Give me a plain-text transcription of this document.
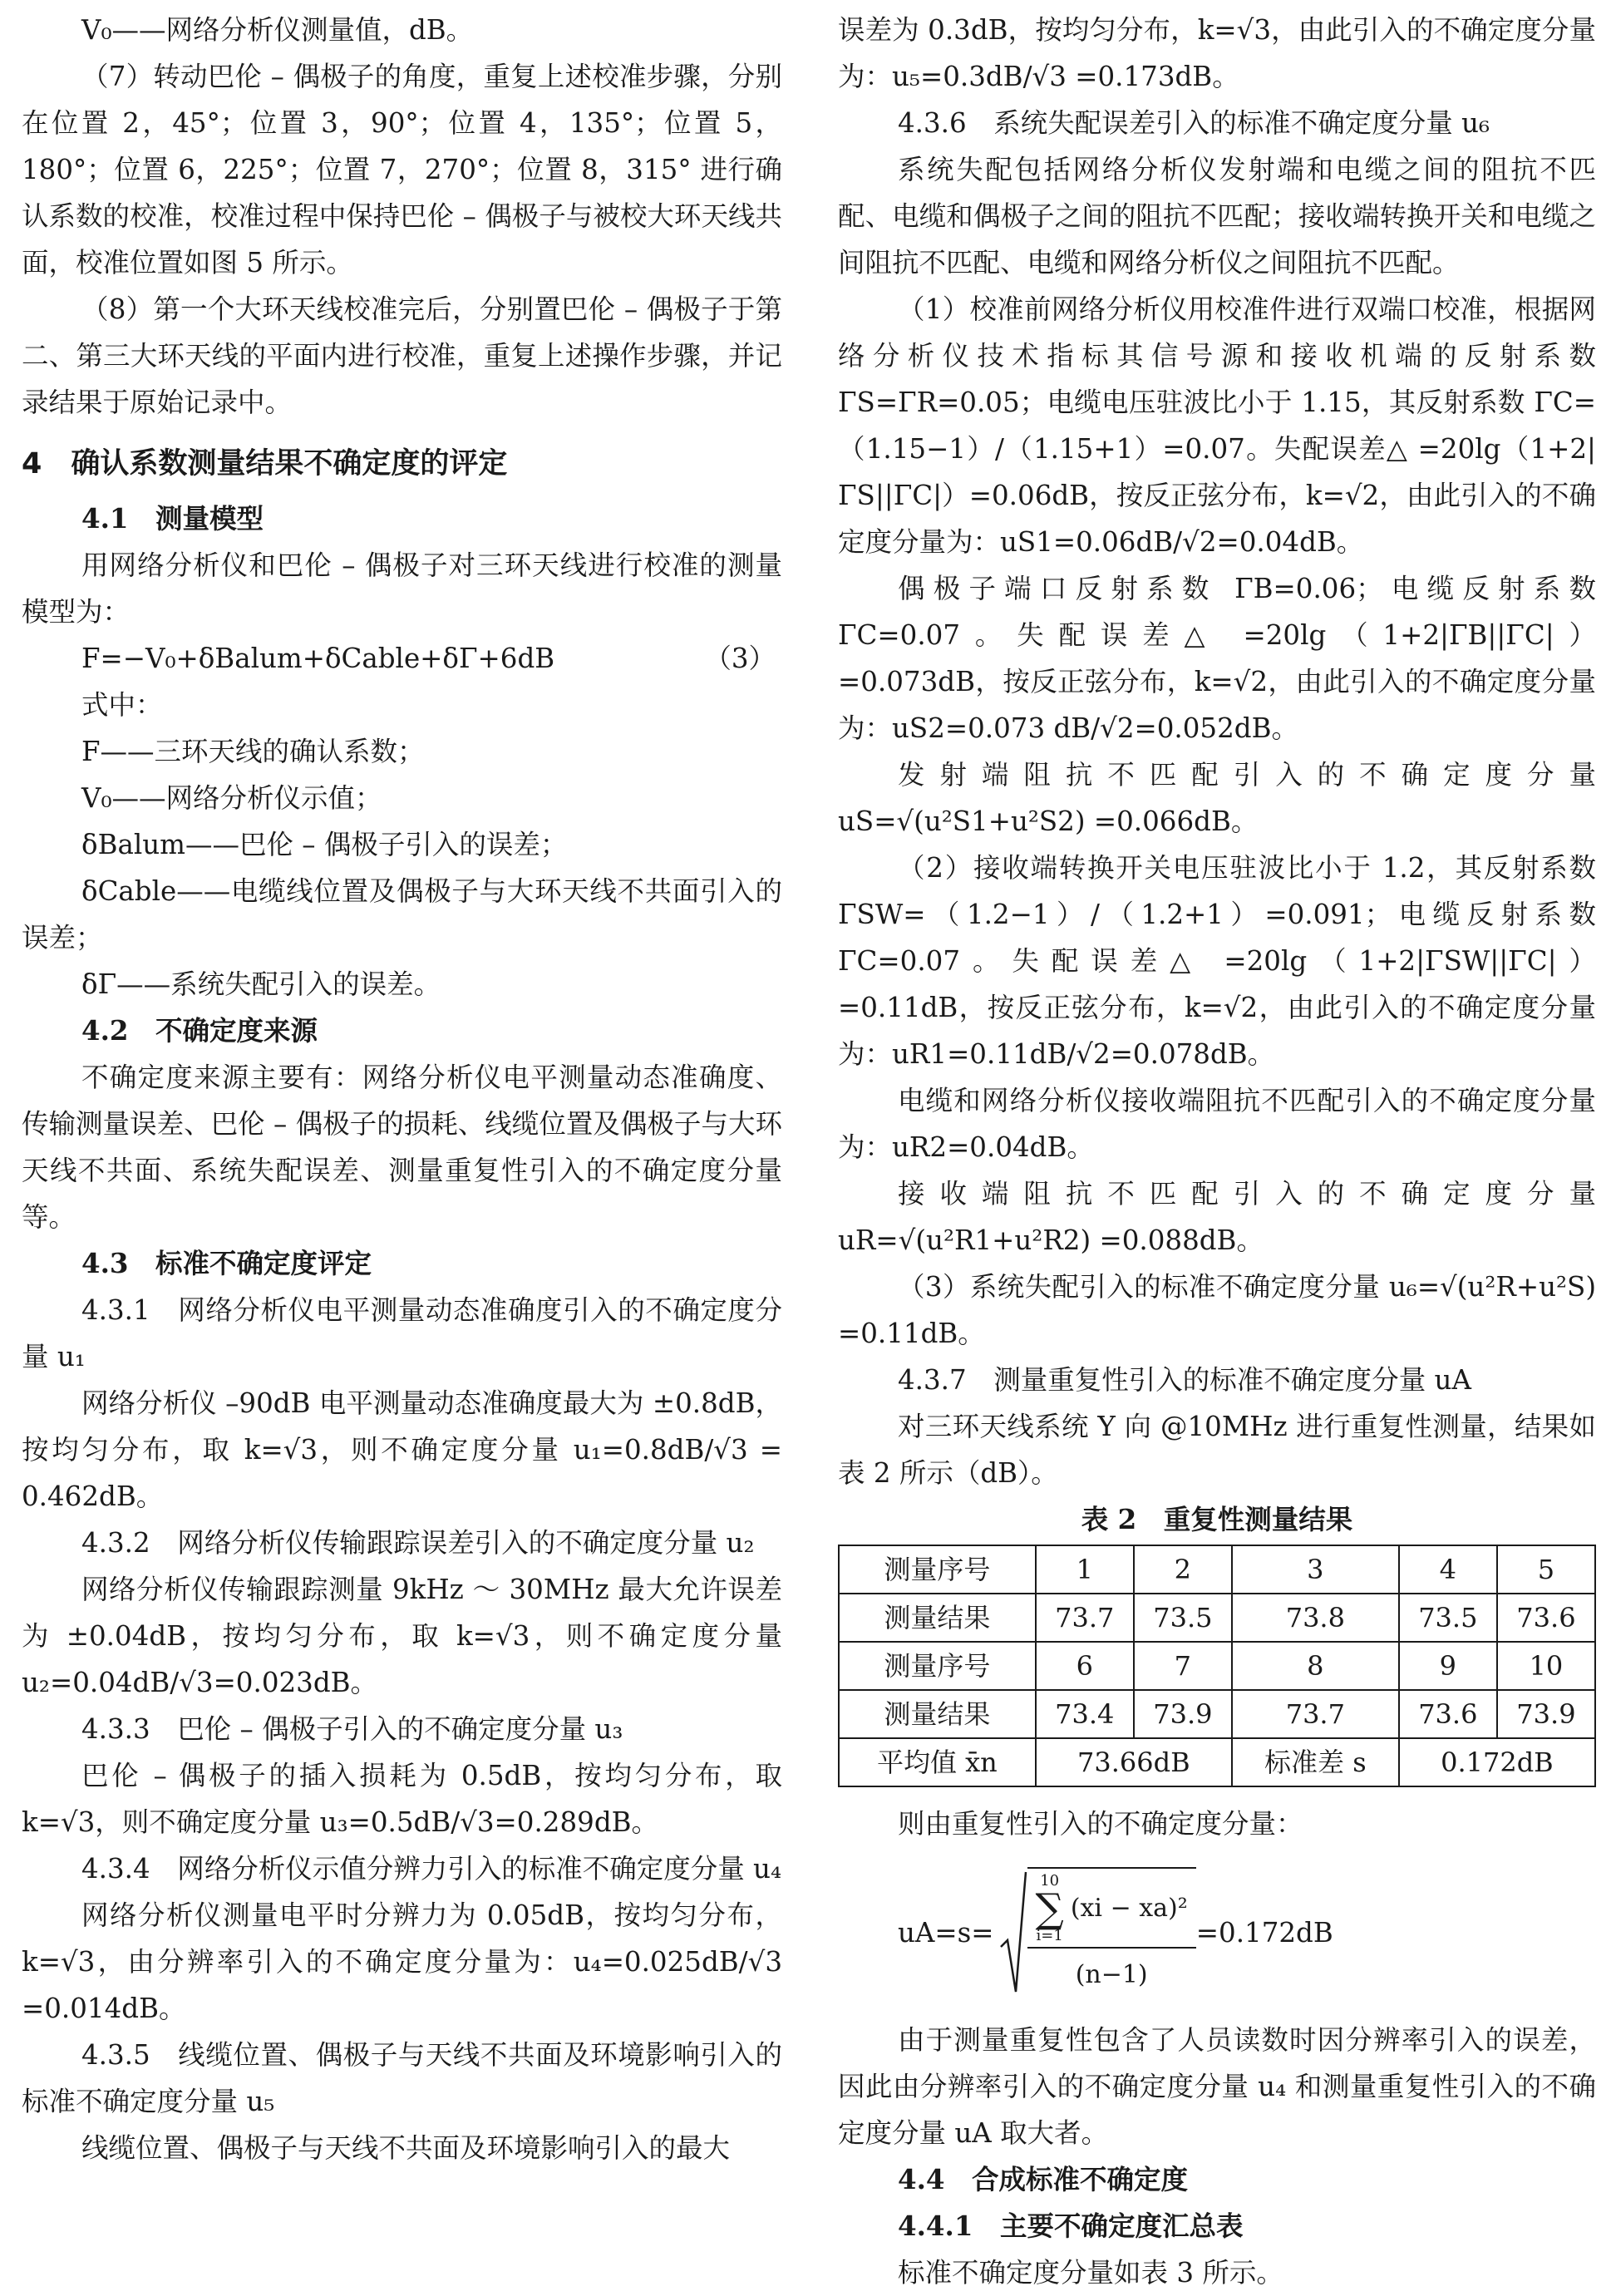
V₀——网络分析仪测量值，dB。

（7）转动巴伦 – 偶极子的角度，重复上述校准步骤，分别在位置 2，45°；位置 3，90°；位置 4，135°；位置 5，180°；位置 6，225°；位置 7，270°；位置 8，315° 进行确认系数的校准，校准过程中保持巴伦 – 偶极子与被校大环天线共面，校准位置如图 5 所示。

（8）第一个大环天线校准完后，分别置巴伦 – 偶极子于第二、第三大环天线的平面内进行校准，重复上述操作步骤，并记录结果于原始记录中。

4　确认系数测量结果不确定度的评定

4.1　测量模型

用网络分析仪和巴伦 – 偶极子对三环天线进行校准的测量模型为：

F=−V₀+δBalum+δCable+δΓ+6dB	（3）

式中：

F——三环天线的确认系数；

V₀——网络分析仪示值；

δBalum——巴伦 – 偶极子引入的误差；

δCable——电缆线位置及偶极子与大环天线不共面引入的误差；

δΓ——系统失配引入的误差。

4.2　不确定度来源

不确定度来源主要有：网络分析仪电平测量动态准确度、传输测量误差、巴伦 – 偶极子的损耗、线缆位置及偶极子与大环天线不共面、系统失配误差、测量重复性引入的不确定度分量等。

4.3　标准不确定度评定

4.3.1　网络分析仪电平测量动态准确度引入的不确定度分量 u₁

网络分析仪 –90dB 电平测量动态准确度最大为 ±0.8dB，按均匀分布，取 k=√3，则不确定度分量 u₁=0.8dB/√3 = 0.462dB。

4.3.2　网络分析仪传输跟踪误差引入的不确定度分量 u₂

网络分析仪传输跟踪测量 9kHz ～ 30MHz 最大允许误差为 ±0.04dB，按均匀分布，取 k=√3，则不确定度分量 u₂=0.04dB/√3=0.023dB。

4.3.3　巴伦 – 偶极子引入的不确定度分量 u₃

巴伦 – 偶极子的插入损耗为 0.5dB，按均匀分布，取 k=√3，则不确定度分量 u₃=0.5dB/√3=0.289dB。

4.3.4　网络分析仪示值分辨力引入的标准不确定度分量 u₄

网络分析仪测量电平时分辨力为 0.05dB，按均匀分布，k=√3，由分辨率引入的不确定度分量为：u₄=0.025dB/√3 =0.014dB。

4.3.5　线缆位置、偶极子与天线不共面及环境影响引入的标准不确定度分量 u₅

线缆位置、偶极子与天线不共面及环境影响引入的最大

误差为 0.3dB，按均匀分布，k=√3，由此引入的不确定度分量为：u₅=0.3dB/√3 =0.173dB。

4.3.6　系统失配误差引入的标准不确定度分量 u₆

系统失配包括网络分析仪发射端和电缆之间的阻抗不匹配、电缆和偶极子之间的阻抗不匹配；接收端转换开关和电缆之间阻抗不匹配、电缆和网络分析仪之间阻抗不匹配。

（1）校准前网络分析仪用校准件进行双端口校准，根据网络分析仪技术指标其信号源和接收机端的反射系数 ΓS=ΓR=0.05；电缆电压驻波比小于 1.15，其反射系数 ΓC=（1.15−1）/（1.15+1）=0.07。失配误差△ =20lg（1+2|ΓS||ΓC|）=0.06dB，按反正弦分布，k=√2，由此引入的不确定度分量为：uS1=0.06dB/√2=0.04dB。

偶极子端口反射系数 ΓB=0.06；电缆反射系数 ΓC=0.07。失配误差△ =20lg（1+2|ΓB||ΓC|）=0.073dB，按反正弦分布，k=√2，由此引入的不确定度分量为：uS2=0.073 dB/√2=0.052dB。

发射端阻抗不匹配引入的不确定度分量 uS=√(u²S1+u²S2) =0.066dB。

（2）接收端转换开关电压驻波比小于 1.2，其反射系数 ΓSW=（1.2−1）/（1.2+1）=0.091；电缆反射系数 ΓC=0.07。失配误差△ =20lg（1+2|ΓSW||ΓC|）=0.11dB，按反正弦分布，k=√2，由此引入的不确定度分量为：uR1=0.11dB/√2=0.078dB。

电缆和网络分析仪接收端阻抗不匹配引入的不确定度分量为：uR2=0.04dB。

接收端阻抗不匹配引入的不确定度分量 uR=√(u²R1+u²R2) =0.088dB。

（3）系统失配引入的标准不确定度分量 u₆=√(u²R+u²S) =0.11dB。

4.3.7　测量重复性引入的标准不确定度分量 uA

对三环天线系统 Y 向 @10MHz 进行重复性测量，结果如表 2 所示（dB）。

表 2　重复性测量结果
测量序号	1	2	3	4	5
测量结果	73.7	73.5	73.8	73.5	73.6
测量序号	6	7	8	9	10
测量结果	73.4	73.9	73.7	73.6	73.9
平均值 x̄n	73.66dB		标准差 s	0.172dB	

则由重复性引入的不确定度分量：

uA=s=
10
∑
i=1
(xi − xa)²
(n−1)
=0.172dB

由于测量重复性包含了人员读数时因分辨率引入的误差，因此由分辨率引入的不确定度分量 u₄ 和测量重复性引入的不确定度分量 uA 取大者。

4.4　合成标准不确定度

4.4.1　主要不确定度汇总表

标准不确定度分量如表 3 所示。
